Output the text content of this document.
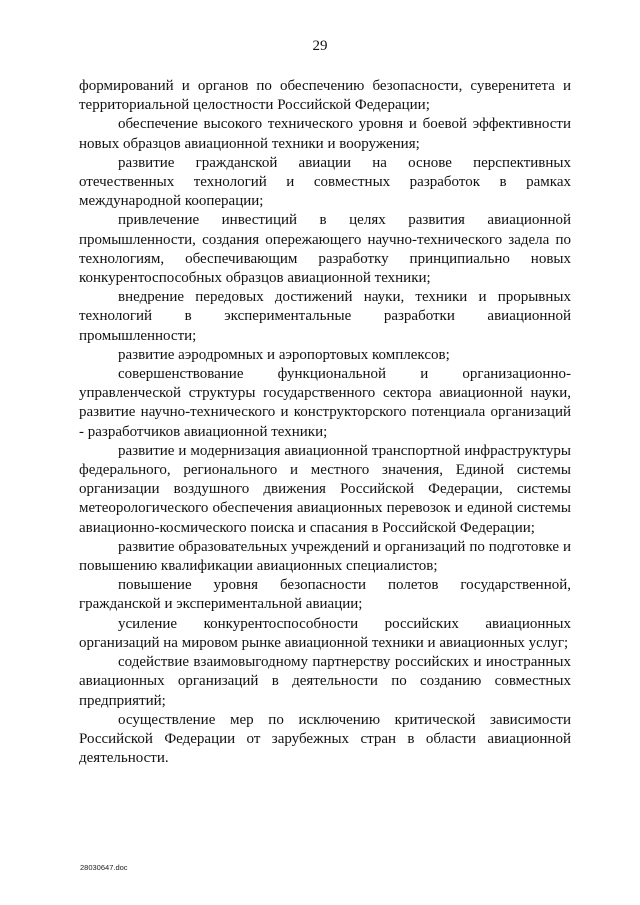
29

формирований и органов по обеспечению безопасности, суверенитета и территориальной целостности Российской Федерации;

обеспечение высокого технического уровня и боевой эффективности новых образцов авиационной техники и вооружения;

развитие гражданской авиации на основе перспективных отечественных технологий и совместных разработок в рамках международной кооперации;

привлечение инвестиций в целях развития авиационной промышленности, создания опережающего научно-технического задела по технологиям, обеспечивающим разработку принципиально новых конкурентоспособных образцов авиационной техники;

внедрение передовых достижений науки, техники и прорывных технологий в экспериментальные разработки авиационной промышленности;

развитие аэродромных и аэропортовых комплексов;

совершенствование функциональной и организационно-управленческой структуры государственного сектора авиационной науки, развитие научно-технического и конструкторского потенциала организаций - разработчиков авиационной техники;

развитие и модернизация авиационной транспортной инфраструктуры федерального, регионального и местного значения, Единой системы организации воздушного движения Российской Федерации, системы метеорологического обеспечения авиационных перевозок и единой системы авиационно-космического поиска и спасания в Российской Федерации;

развитие образовательных учреждений и организаций по подготовке и повышению квалификации авиационных специалистов;

повышение уровня безопасности полетов государственной, гражданской и экспериментальной авиации;

усиление конкурентоспособности российских авиационных организаций на мировом рынке авиационной техники и авиационных услуг;

содействие взаимовыгодному партнерству российских и иностранных авиационных организаций в деятельности по созданию совместных предприятий;

осуществление мер по исключению критической зависимости Российской Федерации от зарубежных стран в области авиационной деятельности.

28030647.doc
